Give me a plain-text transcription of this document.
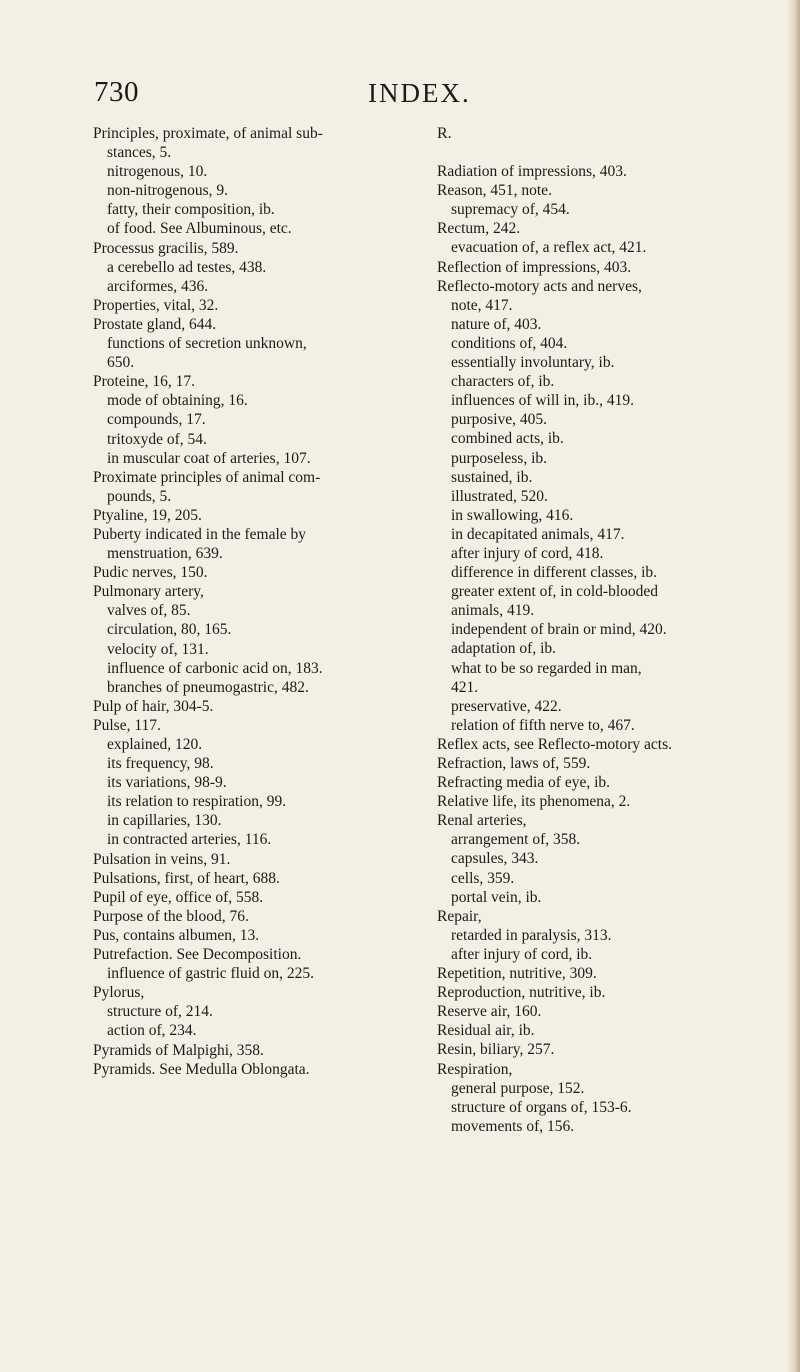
730	INDEX.
Principles, proximate, of animal sub-
stances, 5.
nitrogenous, 10.
non-nitrogenous, 9.
fatty, their composition, ib.
of food. See Albuminous, etc.
Processus gracilis, 589.
a cerebello ad testes, 438.
arciformes, 436.
Properties, vital, 32.
Prostate gland, 644.
functions of secretion unknown,
650.
Proteine, 16, 17.
mode of obtaining, 16.
compounds, 17.
tritoxyde of, 54.
in muscular coat of arteries, 107.
Proximate principles of animal com-
pounds, 5.
Ptyaline, 19, 205.
Puberty indicated in the female by
menstruation, 639.
Pudic nerves, 150.
Pulmonary artery,
valves of, 85.
circulation, 80, 165.
velocity of, 131.
influence of carbonic acid on, 183.
branches of pneumogastric, 482.
Pulp of hair, 304-5.
Pulse, 117.
explained, 120.
its frequency, 98.
its variations, 98-9.
its relation to respiration, 99.
in capillaries, 130.
in contracted arteries, 116.
Pulsation in veins, 91.
Pulsations, first, of heart, 688.
Pupil of eye, office of, 558.
Purpose of the blood, 76.
Pus, contains albumen, 13.
Putrefaction. See Decomposition.
influence of gastric fluid on, 225.
Pylorus,
structure of, 214.
action of, 234.
Pyramids of Malpighi, 358.
Pyramids. See Medulla Oblongata.
R.
Radiation of impressions, 403.
Reason, 451, note.
supremacy of, 454.
Rectum, 242.
evacuation of, a reflex act, 421.
Reflection of impressions, 403.
Reflecto-motory acts and nerves,
note, 417.
nature of, 403.
conditions of, 404.
essentially involuntary, ib.
characters of, ib.
influences of will in, ib., 419.
purposive, 405.
combined acts, ib.
purposeless, ib.
sustained, ib.
illustrated, 520.
in swallowing, 416.
in decapitated animals, 417.
after injury of cord, 418.
difference in different classes, ib.
greater extent of, in cold-blooded
animals, 419.
independent of brain or mind, 420.
adaptation of, ib.
what to be so regarded in man,
421.
preservative, 422.
relation of fifth nerve to, 467.
Reflex acts, see Reflecto-motory acts.
Refraction, laws of, 559.
Refracting media of eye, ib.
Relative life, its phenomena, 2.
Renal arteries,
arrangement of, 358.
capsules, 343.
cells, 359.
portal vein, ib.
Repair,
retarded in paralysis, 313.
after injury of cord, ib.
Repetition, nutritive, 309.
Reproduction, nutritive, ib.
Reserve air, 160.
Residual air, ib.
Resin, biliary, 257.
Respiration,
general purpose, 152.
structure of organs of, 153-6.
movements of, 156.
